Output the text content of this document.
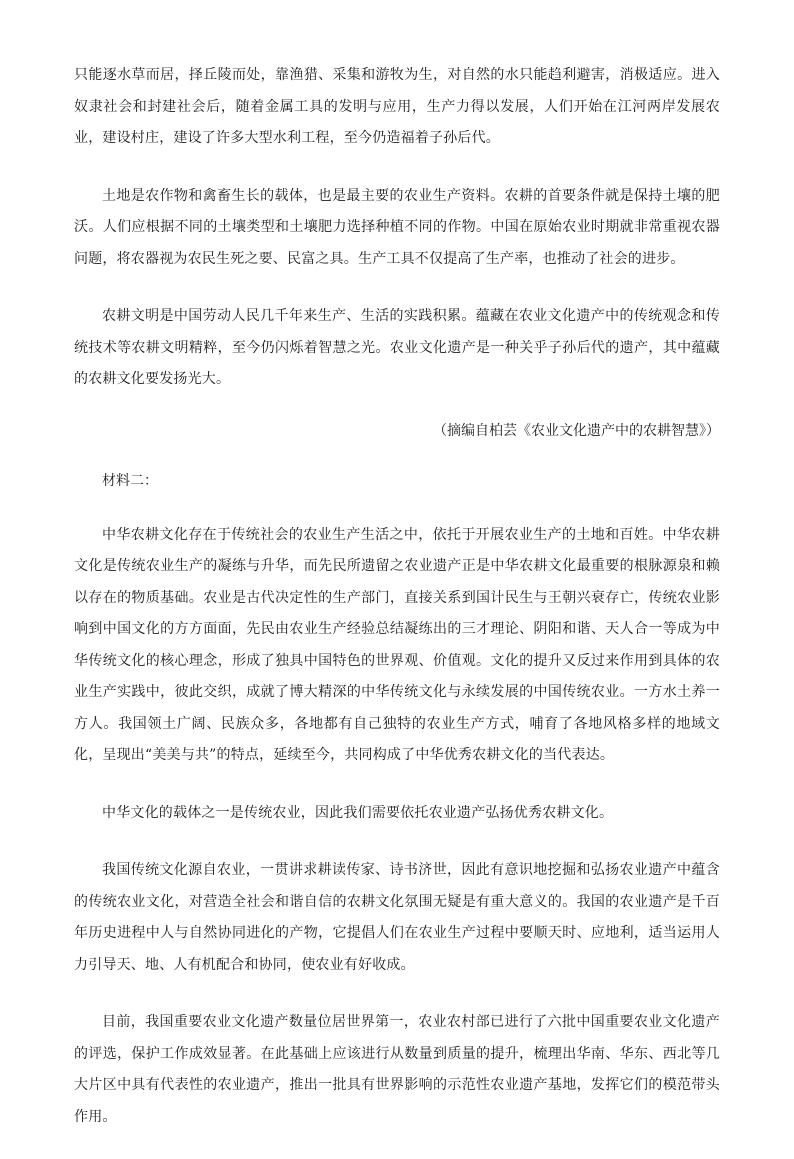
只能逐水草而居，择丘陵而处，靠渔猎、采集和游牧为生，对自然的水只能趋利避害，消极适应。进入奴隶社会和封建社会后，随着金属工具的发明与应用，生产力得以发展，人们开始在江河两岸发展农业，建设村庄，建设了许多大型水利工程，至今仍造福着子孙后代。

土地是农作物和禽畜生长的载体，也是最主要的农业生产资料。农耕的首要条件就是保持土壤的肥沃。人们应根据不同的土壤类型和土壤肥力选择种植不同的作物。中国在原始农业时期就非常重视农器问题，将农器视为农民生死之要、民富之具。生产工具不仅提高了生产率，也推动了社会的进步。

农耕文明是中国劳动人民几千年来生产、生活的实践积累。蕴藏在农业文化遗产中的传统观念和传统技术等农耕文明精粹，至今仍闪烁着智慧之光。农业文化遗产是一种关乎子孙后代的遗产，其中蕴藏的农耕文化要发扬光大。

（摘编自柏芸《农业文化遗产中的农耕智慧》）

材料二：

中华农耕文化存在于传统社会的农业生产生活之中，依托于开展农业生产的土地和百姓。中华农耕文化是传统农业生产的凝练与升华，而先民所遗留之农业遗产正是中华农耕文化最重要的根脉源泉和赖以存在的物质基础。农业是古代决定性的生产部门，直接关系到国计民生与王朝兴衰存亡，传统农业影响到中国文化的方方面面，先民由农业生产经验总结凝练出的三才理论、阴阳和谐、天人合一等成为中华传统文化的核心理念，形成了独具中国特色的世界观、价值观。文化的提升又反过来作用到具体的农业生产实践中，彼此交织，成就了博大精深的中华传统文化与永续发展的中国传统农业。一方水土养一方人。我国领土广阔、民族众多，各地都有自己独特的农业生产方式，哺育了各地风格多样的地域文化，呈现出“美美与共”的特点，延续至今，共同构成了中华优秀农耕文化的当代表达。

中华文化的载体之一是传统农业，因此我们需要依托农业遗产弘扬优秀农耕文化。

我国传统文化源自农业，一贯讲求耕读传家、诗书济世，因此有意识地挖掘和弘扬农业遗产中蕴含的传统农业文化，对营造全社会和谐自信的农耕文化氛围无疑是有重大意义的。我国的农业遗产是千百年历史进程中人与自然协同进化的产物，它提倡人们在农业生产过程中要顺天时、应地利，适当运用人力引导天、地、人有机配合和协同，使农业有好收成。

目前，我国重要农业文化遗产数量位居世界第一，农业农村部已进行了六批中国重要农业文化遗产的评选，保护工作成效显著。在此基础上应该进行从数量到质量的提升，梳理出华南、华东、西北等几大片区中具有代表性的农业遗产，推出一批具有世界影响的示范性农业遗产基地，发挥它们的模范带头作用。
